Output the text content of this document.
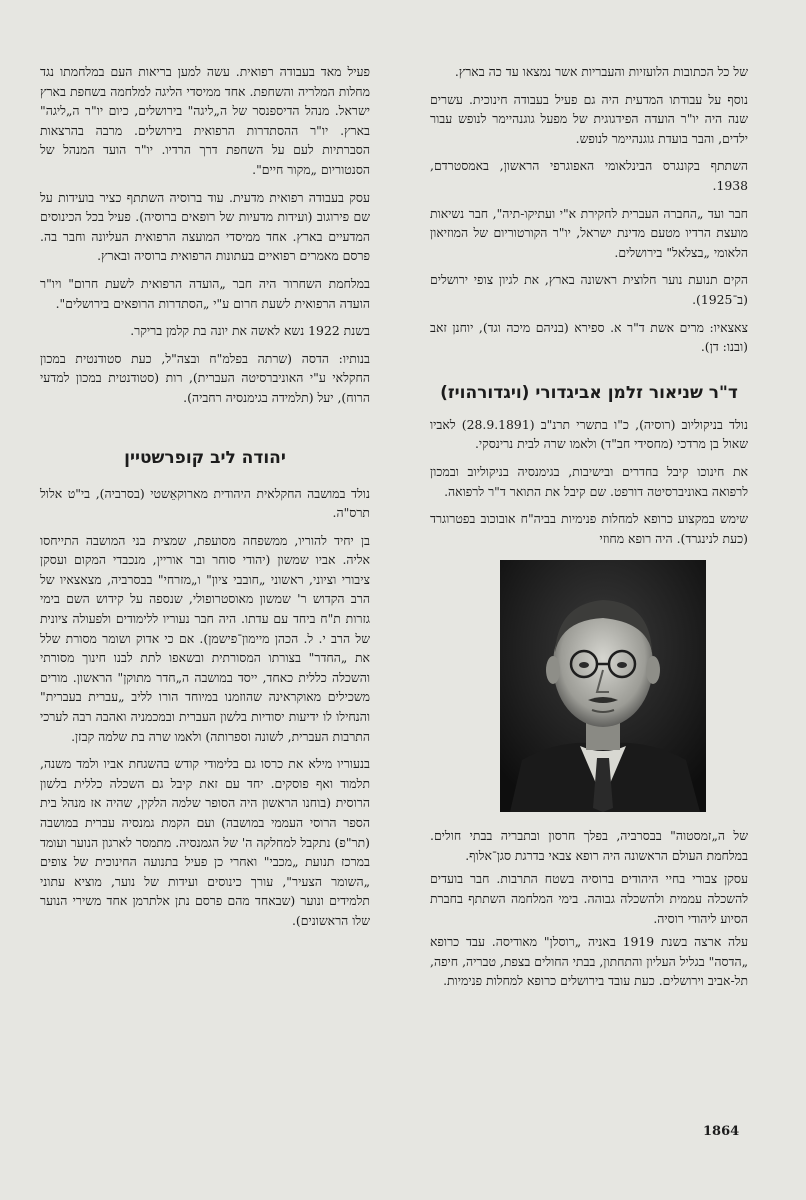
של כל הכתובות הלועזיות והעבריות אשר נמצאו עד כה בארץ.

נוסף על עבודתו המדעית היה גם פעיל בעבודה חינוכית. עשרים שנה היה יו"ר הועדה הפידגוגית של מפעל גוגנהיימר לנופש עבור ילדים, והבר בועדת גוגנהיימר לנופש.

השתתף בקונגרס הבינלאומי האפוגרפי הראשון, באמסטרדם, 1938.

חבר ועד „החברה העברית לחקירת א"י ועתיקו-תיה", חבר נשיאות מועצת הרדיו מטעם מדינת ישראל, יו"ר הקורטוריום של המוזיאון הלאומי „בצלאל" בירושלים.

הקים תנועת נוער חלוצית ראשונה בארץ, את לגיון צופי ירושלים (ב־1925).

צאצאיו: מרים אשת ד"ר א. ספירא (בניהם מיכה וגד), יוחנן זאב (ובנו: דן).

ד"ר שניאור זלמן אביגדורי (ויגדורהויז)

נולד בניקוליוב (רוסיה), כ"ו בתשרי תרנ"ב (28.9.1891) לאביו שאול בן מרדכי (מחסידי חב"ד) ולאמו שרה לבית נרינסקי.

את חינוכו קיבל בחדרים ובישיבות, בגימנסיה בניקוליוב ובמכון לרפואה באוניברסיטה דורפט. שם קיבל את התואר ד"ר לרפואה.

שימש במקצוע כרופא למחלות פנימיות בביה"ח אובוכוב בפטרוגרד (כעת לנינגרד). היה רופא מחוזי

של ה„זמסטוה" בבסרביה, בפלך חרסון ובתבריה בבתי חולים. במלחמת העולם הראשונה היה רופא צבאי בדרגת סגן־אלוף.

עסקן צבורי בחיי היהודים ברוסיה בשטח התרבות. חבר בועדים להשכלה עממית ולהשכלה גבוהה. בימי המלחמה השתתף בחברת הסיוע ליהודי רוסיה.

עלה ארצה בשנת 1919 באניה „רוסלן" מאודיסה. עבד כרופא „הדסה" בגליל העליון והתחתון, בבתי החולים בצפת, טבריה, חיפה, תל-אביב וירושלים. כעת עובד בירושלים כרופא למחלות פנימיות.

פעיל מאד בעבודה רפואית. עשה למען בריאות העם במלחמתו נגד מחלות המלריה והשחפת. אחד ממיסדי הליגה למלחמה בשחפת בארץ ישראל. מנהל הדיספנסר של ה„ליגה" בירושלים, כיום יו"ר ה„ליגה" בארץ. יו"ר ההסתדרות הרפואית בירושלים. מרבה בהרצאות הסברתיות לעם על השחפת דרך הרדיו. יו"ר הועד המנהל של הסנטוריום „מקור חיים".

עסק בעבודה רפואית מדעית. עוד ברוסיה השתתף כציר בועידות על שם פירוגוב (ועידות מדעיות של רופאים ברוסיה). פעיל בכל הכינוסים המדעיים בארץ. אחד ממיסדי המועצה הרפואית העליונה וחבר בה. פרסם מאמרים רפואיים בעתונות הרפואית ברוסיה ובארץ.

במלחמת השחרור היה חבר „הועדה הרפואית לשעת חרום" ויו"ר הועדה הרפואית לשעת חרום ע"י „הסתדרות הרופאים בירושלים".

בשנת 1922 נשא לאשה את יונה בת קלמן בריקר.

בנותיו: הדסה (שרתה בפלמ"ח ובצה"ל, כעת סטודנטית במכון החקלאי ע"י האוניברסיטה העברית), רות (סטודנטית במכון למדעי הרוח), יעל (תלמידה בגימנסיה רחביה).

יהודה ליב קופרשטיין

נולד במושבה החקלאית היהודית מארוקאֵשטי (בסרביה), בי"ט אלול תרס"ה.

בן יחיד להוריו, ממשפחה מסועפת, שמצית בני המושבה התייחסו אליה. אביו שמשון (יהודי סוחר ובר אוריין, מנכבדי המקום ועסקן ציבורי וציוני, ראשוני „חובבי ציון" ו„מזרחי" בבסרביה, מצאצאיו של הרב הקדוש ר' שמשון מאוסטרופולי, שנספה על קידוש השם בימי גזרות ת"ח ביחד עם עדתו. היה חבר נעוריו ללימודים ולפעולה ציונית של הרב י. ל. הכהן מיימון־פישמן). אם כי אדוק ושומר מסורת שלל את „החדר" בצורתו המסורתית ובשאפו לתת לבנו חינוך מסורתי והשכלה כללית כאחד, ייסד במושבה ה„חדר מתוקן" הראשון. מורים משכילים מאוקראינה שהוזמנו במיוחד הורו לליב „עברית בעברית" והנחילו לו ידיעות יסודיות בלשון העברית ובמכמניה ואהבה רבה לערכי התרבות העברית, לשונה וספרותה) ולאמו שרה בת שלמה קבזן.

בנעוריו מילא את כרסו גם בלימודי קודש בהשגחת אביו ולמד משנה, תלמוד ואף פוסקים. יחד עם זאת קיבל גם השכלה כללית בלשון הרוסית (בוחנו הראשון היה הסופר שלמה הלקין, שהיה אז מנהל בית הספר הרוסי העממי במושבה) ועם הקמת גמנסיה עברית במושבה (תר"פ) נתקבל למחלקה ה' של הגמנסיה. מתמסר לארגון הנוער ועומד במרכז תנועת „מכבי" ואחרי כן פעיל בתנועה החינוכית של צופים „השומר הצעיר", עורך כינוסים ועידות של נוער, מוציא עתוני תלמידים ונוער (שבאחד מהם פרסם נתן אלתרמן אחד משירי הנוער שלו הראשונים).

1864
